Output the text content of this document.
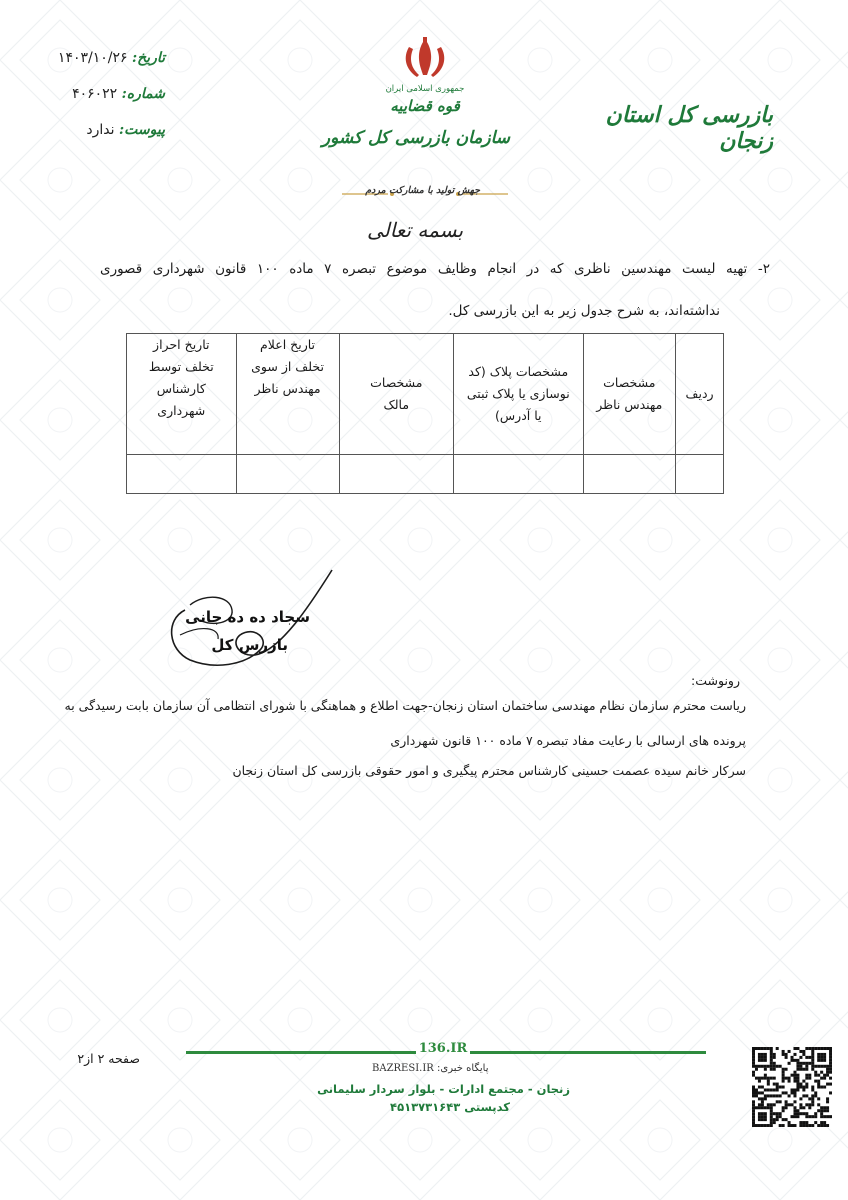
تاریخ: ۱۴۰۳/۱۰/۲۶
شماره: ۴۰۶۰۲۲
پیوست: ندارد
جمهوری اسلامی ایران
قوه قضاییه
سازمان بازرسی کل کشور
بازرسی کل استان زنجان
جهش تولید با مشارکت مردم
بسمه تعالی
۲- تهیه لیست مهندسین ناظری که در انجام وظایف موضوع تبصره ۷ ماده ۱۰۰ قانون شهرداری قصوری
نداشته‌اند، به شرح جدول زیر به این بازرسی کل.
ردیف	مشخصات مهندس ناظر	مشخصات پلاک (کد نوسازی یا پلاک ثبتی یا آدرس)	مشخصات مالک	تاریخ اعلام تخلف از سوی مهندس ناظر	تاریخ احراز تخلف توسط کارشناس شهرداری

سجاد ده ده جانی
بازرس کل
رونوشت:
ریاست محترم سازمان نظام مهندسی ساختمان استان زنجان-جهت اطلاع و هماهنگی با شورای انتظامی آن سازمان بابت رسیدگی به
پرونده های ارسالی با رعایت مفاد تبصره ۷ ماده ۱۰۰ قانون شهرداری
سرکار خانم سیده عصمت حسینی کارشناس محترم پیگیری و امور حقوقی بازرسی کل استان زنجان
صفحه ۲ از۲
136.IR
BAZRESI.IR پایگاه خبری:
زنجان - مجتمع ادارات - بلوار سردار سلیمانی
کدپستی ۴۵۱۳۷۳۱۶۴۳
